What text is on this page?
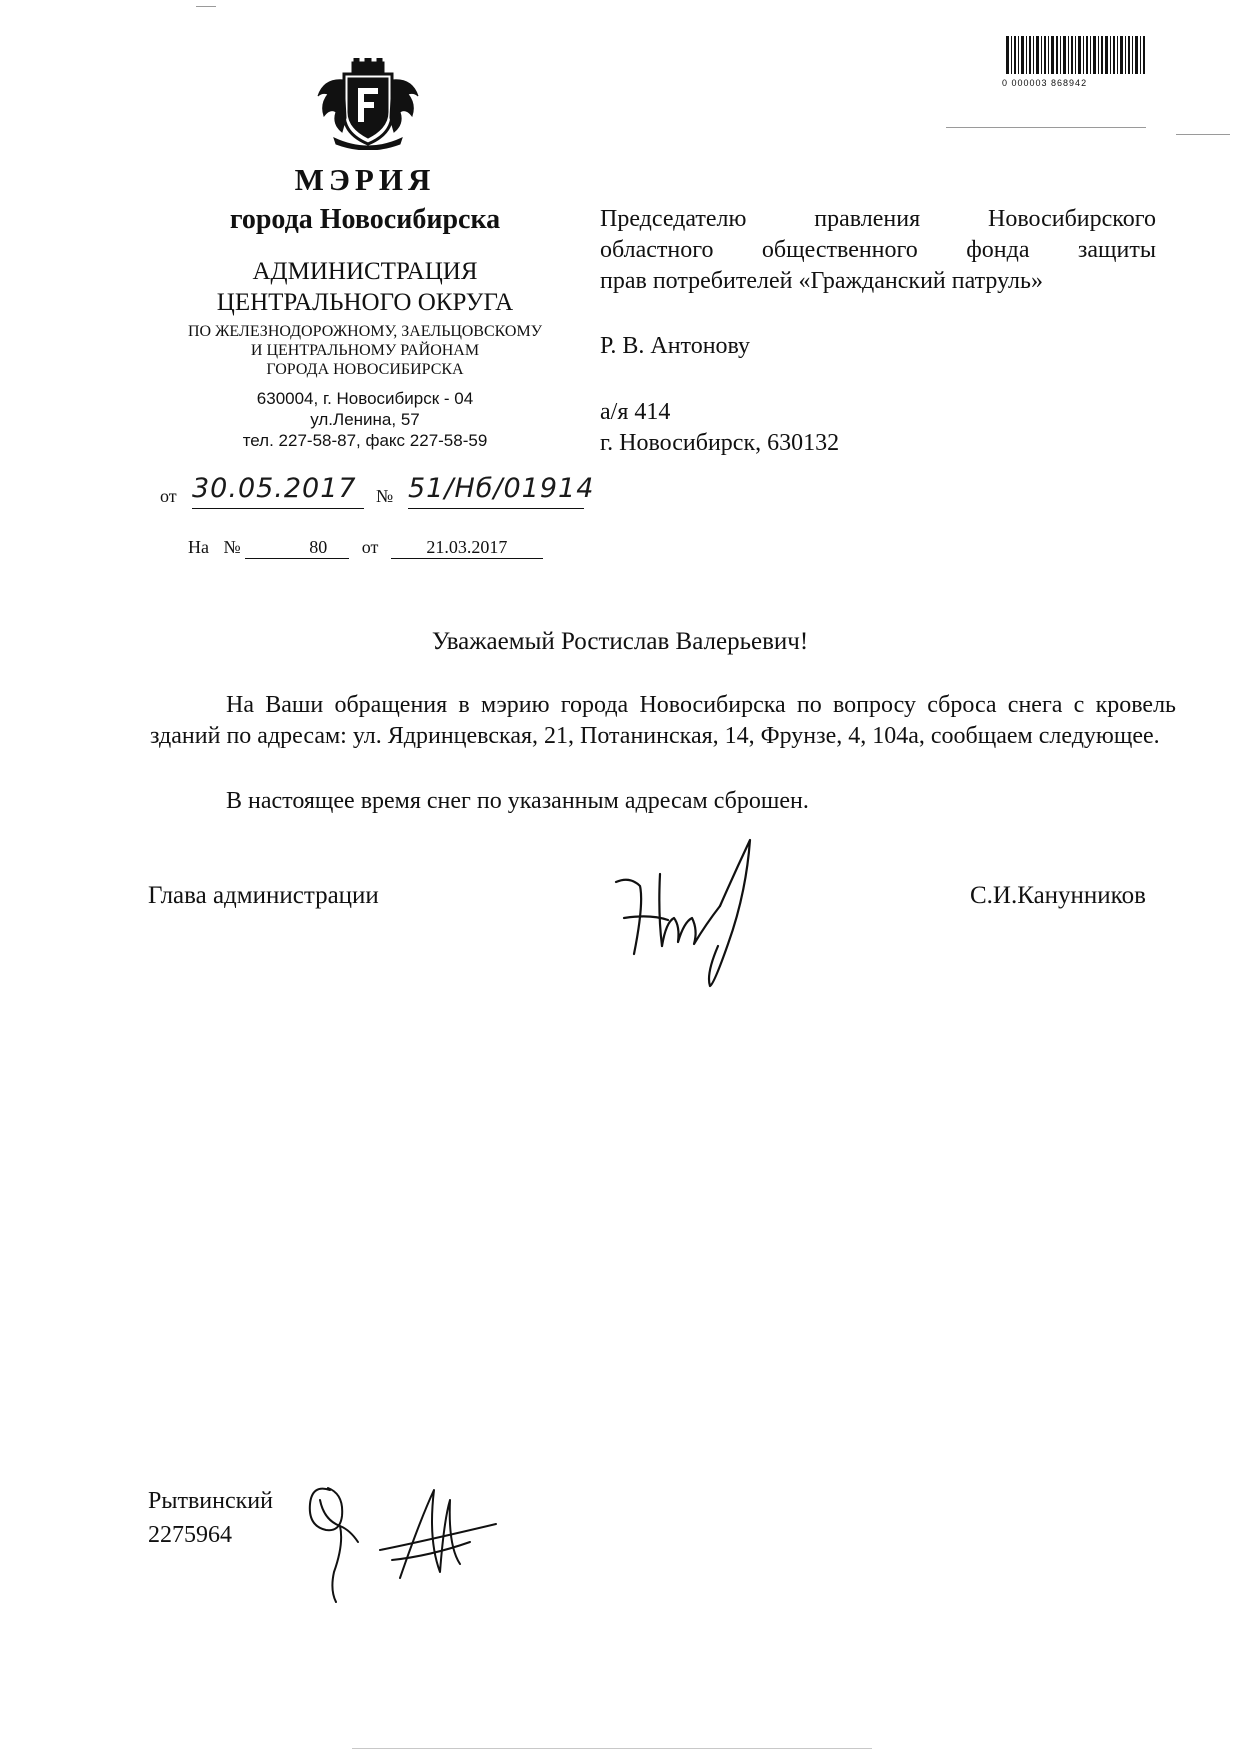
МЭРИЯ
города Новосибирска
АДМИНИСТРАЦИЯ
ЦЕНТРАЛЬНОГО ОКРУГА
ПО ЖЕЛЕЗНОДОРОЖНОМУ, ЗАЕЛЬЦОВСКОМУ
И ЦЕНТРАЛЬНОМУ РАЙОНАМ
ГОРОДА НОВОСИБИРСКА
630004, г. Новосибирск - 04
ул.Ленина, 57
тел. 227-58-87, факс 227-58-59
от 30.05.2017	№ 51/Нб/01914
На №	80 от	21.03.2017
0 000003 868942
Председателю правления Новосибирского
областного общественного фонда защиты
прав потребителей «Гражданский патруль»
Р. В. Антонову
а/я 414
г. Новосибирск, 630132
Уважаемый Ростислав Валерьевич!
На Ваши обращения в мэрию города Новосибирска по вопросу сброса снега с кровель зданий по адресам: ул. Ядринцевская, 21, Потанинская, 14, Фрунзе, 4, 104а, сообщаем следующее.
В настоящее время снег по указанным адресам сброшен.
Глава администрации	С.И.Канунников
Рытвинский
2275964
